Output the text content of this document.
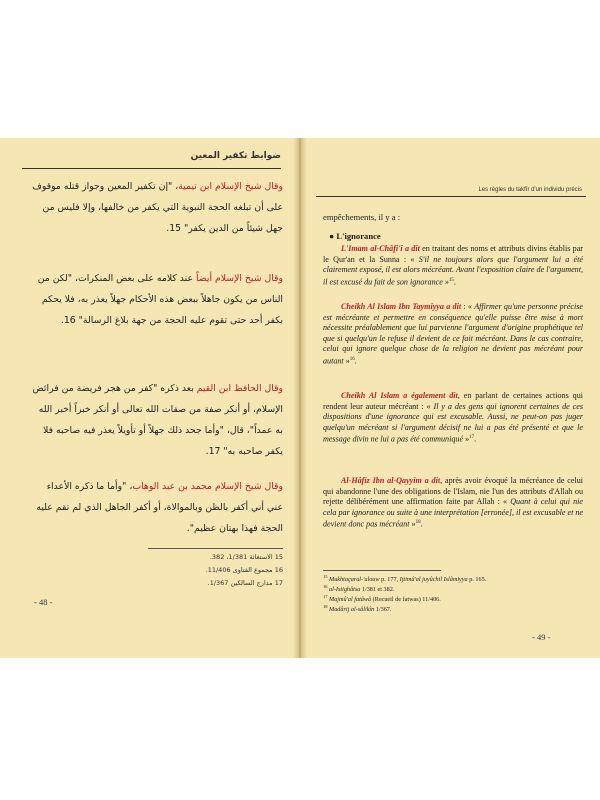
ضوابط تكفير المعين
وقال شيخ الإسلام ابن تيمية، "إن تكفير المعين وجواز قتله موقوف على أن تبلغه الحجة النبوية التي يكفر من خالفها، وإلا فليس من جهل شيئاً من الدين يكفر" 15.
وقال شيخ الإسلام أيضاً عند كلامه على بعض المنكرات، "لكن من الناس من يكون جاهلاً ببعض هذه الأحكام جهلاً يعذر به، فلا يحكم بكفر أحد حتى تقوم عليه الحجة من جهة بلاغ الرسالة" 16.
وقال الحافظ ابن القيم بعد ذكره "كفر من هجر فريضة من فرائض الإسلام، أو أنكر صفة من صفات الله تعالى أو أنكر خبراً أخبر الله به عمداً"، قال، "وأما جحد ذلك جهلاً أو تأويلاً يعذر فيه صاحبه فلا يكفر صاحبه به" 17.
وقال شيخ الإسلام محمد بن عبد الوهاب، "وأما ما ذكره الأعداء عني أني أكفر بالظن وبالموالاة، أو أكفر الجاهل الذي لم تقم عليه الحجة فهذا بهتان عظيم".
15 الاستغاثة 1/381، 382.
16 مجموع الفتاوى 11/406.
17 مدارج السالكين 1/367.
- 48 -
Les règles du takfîr d'un individu précis
empêchements, il y a :
● L'ignorance
L'Imam al-Châfi'î a dit en traitant des noms et attributs divins établis par le Qur'an et la Sunna : « S'il ne toujours alors que l'argument lui a été clairement exposé, il est alors mécréant. Avant l'exposition claire de l'argument, il est excusé du fait de son ignorance »$^{15}$.
Cheikh Al Islam Ibn Taymiyya a dit : « Affirmer qu'une personne précise est mécréante et permettre en conséquence qu'elle puisse être mise à mort nécessite préalablement que lui parvienne l'argument d'origine prophétique tel que si quelqu'un le refuse il devient de ce fait mécréant. Dans le cas contraire, celui qui ignore quelque chose de la religion ne devient pas mécréant pour autant »$^{16}$.
Cheikh Al Islam a également dit, en parlant de certaines actions qui rendent leur auteur mécréant : « Il y a des gens qui ignorent certaines de ces dispositions d'une ignorance qui est excusable. Aussi, ne peut-on pas juger quelqu'un mécréant si l'argument décisif ne lui a pas été présenté et que le message divin ne lui a pas été communiqué »$^{17}$.
Al-Hâfiz Ibn al-Qayyim a dit, après avoir évoqué la mécréance de celui qui abandonne l'une des obligations de l'Islam, nie l'un des attributs d'Allah ou rejette délibérément une affirmation faite par Allah : « Quant à celui qui nie cela par ignorance ou suite à une interprétation [erronée], il est excusable et ne devient donc pas mécréant »$^{18}$.
$^{15}$ Mukhtaçaral-'ulouw p. 177, Ijtimâ'al juyûchil Islâmiyya p. 165.
$^{16}$ al-Istighâtsa 1/381 et 382.
$^{17}$ Majmû'al fatâwâ (Recueil de fatwas) 11/406.
$^{18}$ Madârij al-sâlikîn 1/367.
- 49 -
